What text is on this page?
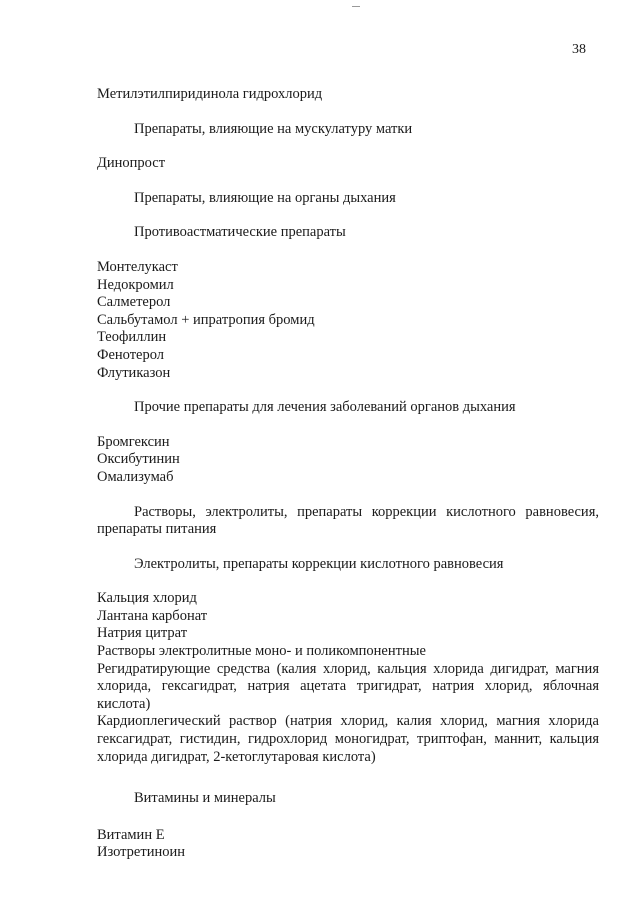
38

Метилэтилпиридинола гидрохлорид

Препараты, влияющие на мускулатуру матки

Динопрост

Препараты, влияющие на органы дыхания

Противоастматические препараты

Монтелукаст

Недокромил

Салметерол

Сальбутамол + ипратропия бромид

Теофиллин

Фенотерол

Флутиказон

Прочие препараты для лечения заболеваний органов дыхания

Бромгексин

Оксибутинин

Омализумаб

Растворы, электролиты, препараты коррекции кислотного равновесия, препараты питания

Электролиты, препараты коррекции кислотного равновесия

Кальция хлорид

Лантана карбонат

Натрия цитрат

Растворы электролитные моно- и поликомпонентные

Регидратирующие средства (калия хлорид, кальция хлорида дигидрат, магния хлорида, гексагидрат, натрия ацетата тригидрат, натрия хлорид, яблочная кислота)

Кардиоплегический раствор (натрия хлорид, калия хлорид, магния хлорида гексагидрат, гистидин, гидрохлорид моногидрат, триптофан, маннит, кальция хлорида дигидрат, 2-кетоглутаровая кислота)

Витамины и минералы

Витамин Е

Изотретиноин
